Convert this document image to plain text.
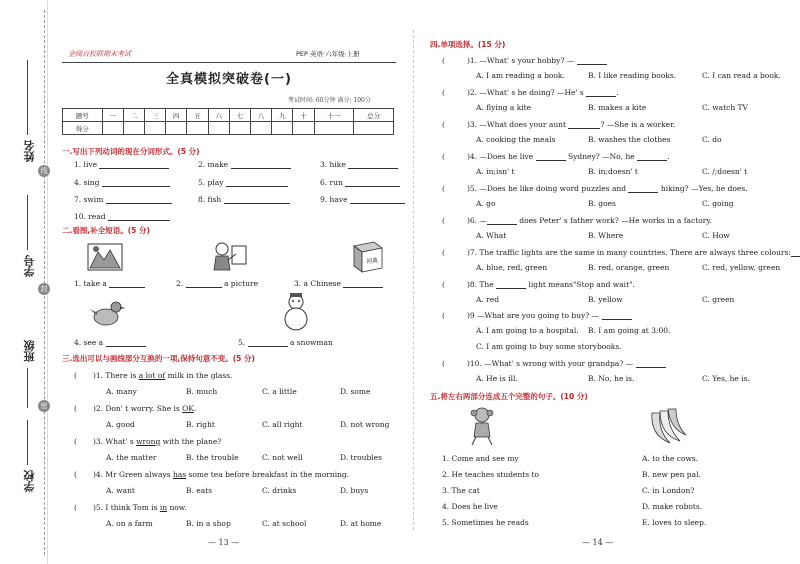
姓名
线
学号
封
班级
密
学校
金阅百校联期末考试	PEP 英语·六年级·上册
全真模拟突破卷(一)
考试时间: 60分钟 满分: 100分
题号	一	二	三	四	五	六	七	八	九	十	十一	总分
得分												
一.写出下列动词的现在分词形式。(5 分)
1. live	2. make	3. hike
4. sing	5. play	6. run
7. swim	8. fish	9. have
10. read
二.看图,补全短语。(5 分)
词典
1. take a	2.	a picture	3. a Chinese
4. see a	5.	a snowman
三.选出可以与画线部分互换的一项,保持句意不变。(5 分)
( )1. There is a lot of milk in the glass.
A. many	B. much	C. a little	D. some
( )2. Don' t worry. She is OK.
A. good	B. right	C. all right	D. not wrong
( )3. What' s wrong with the plane?
A. the matter	B. the trouble	C. not well	D. troubles
( )4. Mr Green always has some tea before breakfast in the morning.
A. want	B. eats	C. drinks	D. buys
( )5. I think Tom is in now.
A. on a farm	B. in a shop	C. at school	D. at home
— 13 —
四.单项选择。(15 分)
(	)1. —What' s your hobby? —
A. I am reading a book.	B. I like reading books.	C. I can read a book.
(	)2. —What' s he doing? —He' s	.
A. flying a kite	B. makes a kite	C. watch TV
(	)3. —What does your aunt	? —She is a worker.
A. cooking the meals	B. washes the clothes	C. do
(	)4. —Does he live	Sydney? —No, he	.
A. in;isn' t	B. in;doesn' t	C. /;doesn' t
(	)5. —Does he like doing word puzzles and	hiking? —Yes, he does.
A. go	B. goes	C. going
(	)6. —	does Peter' s father work? —He works in a factory.
A. What	B. Where	C. How
(	)7. The traffic lights are the same in many countries. There are always three colours:
A. blue, red, green	B. red, orange, green	C. red, yellow, green
(	)8. The	light means"Stop and wait".
A. red	B. yellow	C. green
(	)9 —What are you going to buy? —
A. I am going to a hospital. B. I am going at 3:00.
C. I am going to buy some storybooks.
(	)10. —What' s wrong with your grandpa? —
A. He is ill.	B. No, he is.	C. Yes, he is.
五.将左右两部分连成五个完整的句子。(10 分)
1. Come and see my	A. to the cows.
2. He teaches students to	B. new pen pal.
3. The cat	C. in London?
4. Does he live	D. make robots.
5. Sometimes he reads	E. loves to sleep.
— 14 —
